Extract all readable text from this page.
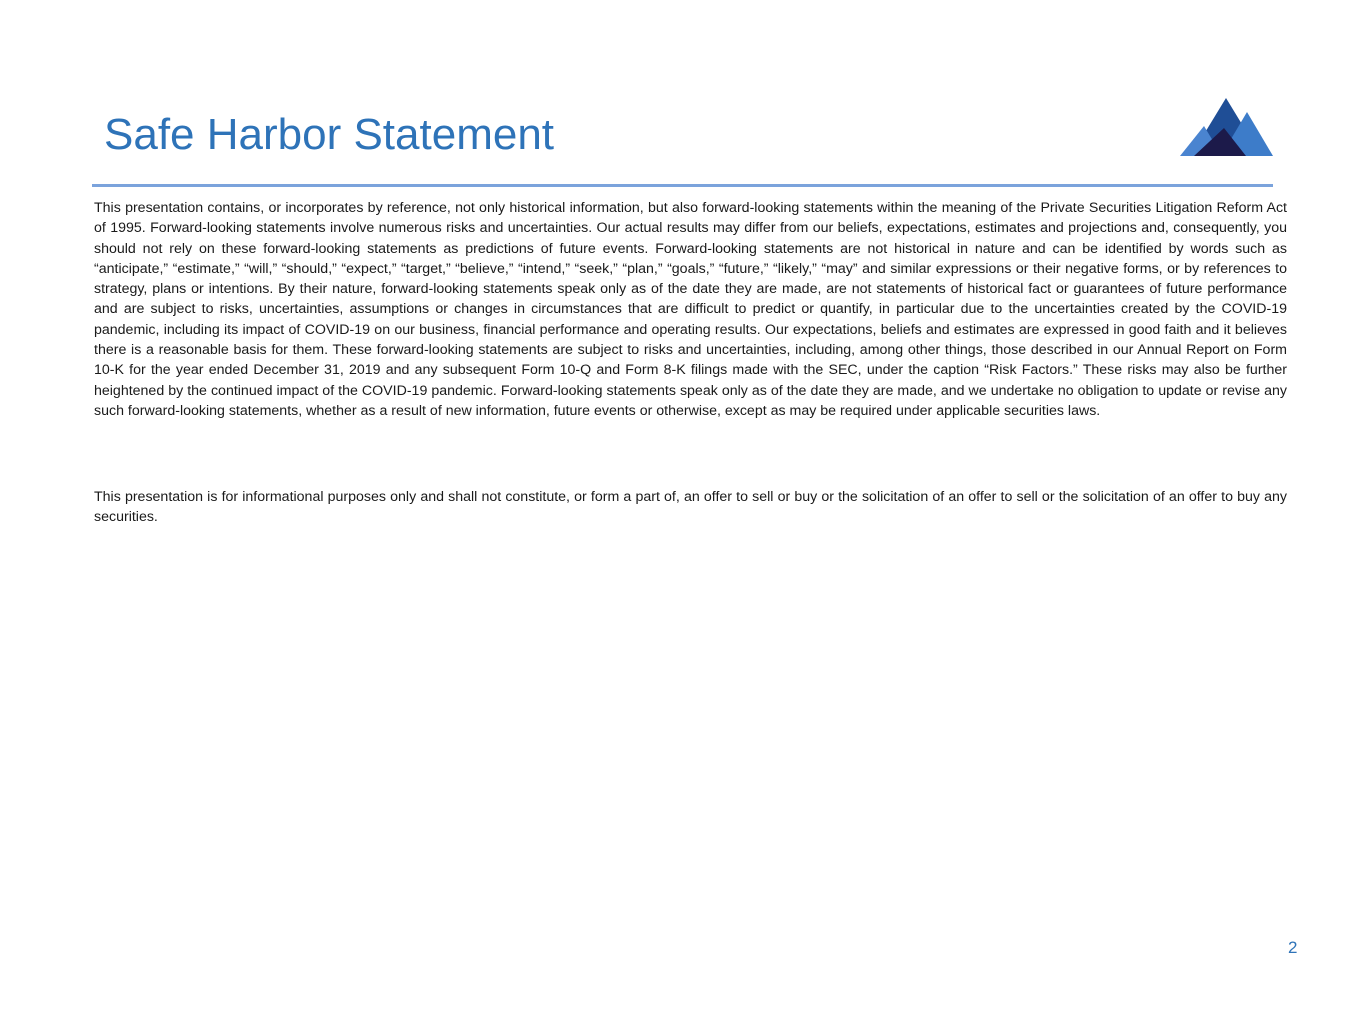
Safe Harbor Statement

This presentation contains, or incorporates by reference, not only historical information, but also forward-looking statements within the meaning of the Private Securities Litigation Reform Act of 1995. Forward-looking statements involve numerous risks and uncertainties. Our actual results may differ from our beliefs, expectations, estimates and projections and, consequently, you should not rely on these forward-looking statements as predictions of future events. Forward-looking statements are not historical in nature and can be identified by words such as “anticipate,” “estimate,” “will,” “should,” “expect,” “target,” “believe,” “intend,” “seek,” “plan,” “goals,” “future,” “likely,” “may” and similar expressions or their negative forms, or by references to strategy, plans or intentions. By their nature, forward-looking statements speak only as of the date they are made, are not statements of historical fact or guarantees of future performance and are subject to risks, uncertainties, assumptions or changes in circumstances that are difficult to predict or quantify, in particular due to the uncertainties created by the COVID-19 pandemic, including its impact of COVID-19 on our business, financial performance and operating results. Our expectations, beliefs and estimates are expressed in good faith and it believes there is a reasonable basis for them. These forward-looking statements are subject to risks and uncertainties, including, among other things, those described in our Annual Report on Form 10-K for the year ended December 31, 2019 and any subsequent Form 10-Q and Form 8-K filings made with the SEC, under the caption “Risk Factors.” These risks may also be further heightened by the continued impact of the COVID-19 pandemic. Forward-looking statements speak only as of the date they are made, and we undertake no obligation to update or revise any such forward-looking statements, whether as a result of new information, future events or otherwise, except as may be required under applicable securities laws.

This presentation is for informational purposes only and shall not constitute, or form a part of, an offer to sell or buy or the solicitation of an offer to sell or the solicitation of an offer to buy any securities.

2
